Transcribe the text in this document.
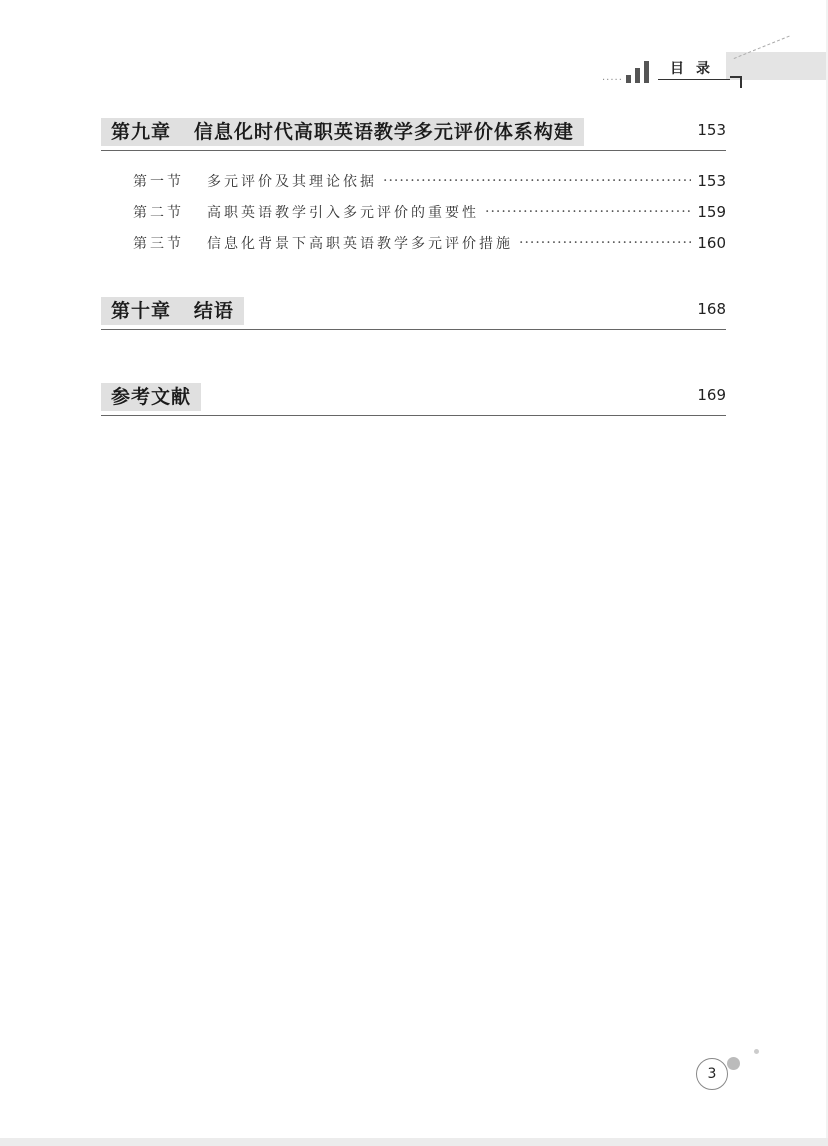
.....
目录
第九章   信息化时代高职英语教学多元评价体系构建	153
第一节	多元评价及其理论依据 ·····	153
第二节	高职英语教学引入多元评价的重要性 ·····	159
第三节	信息化背景下高职英语教学多元评价措施 ·····	160
第十章   结语	168
参考文献	169
3
